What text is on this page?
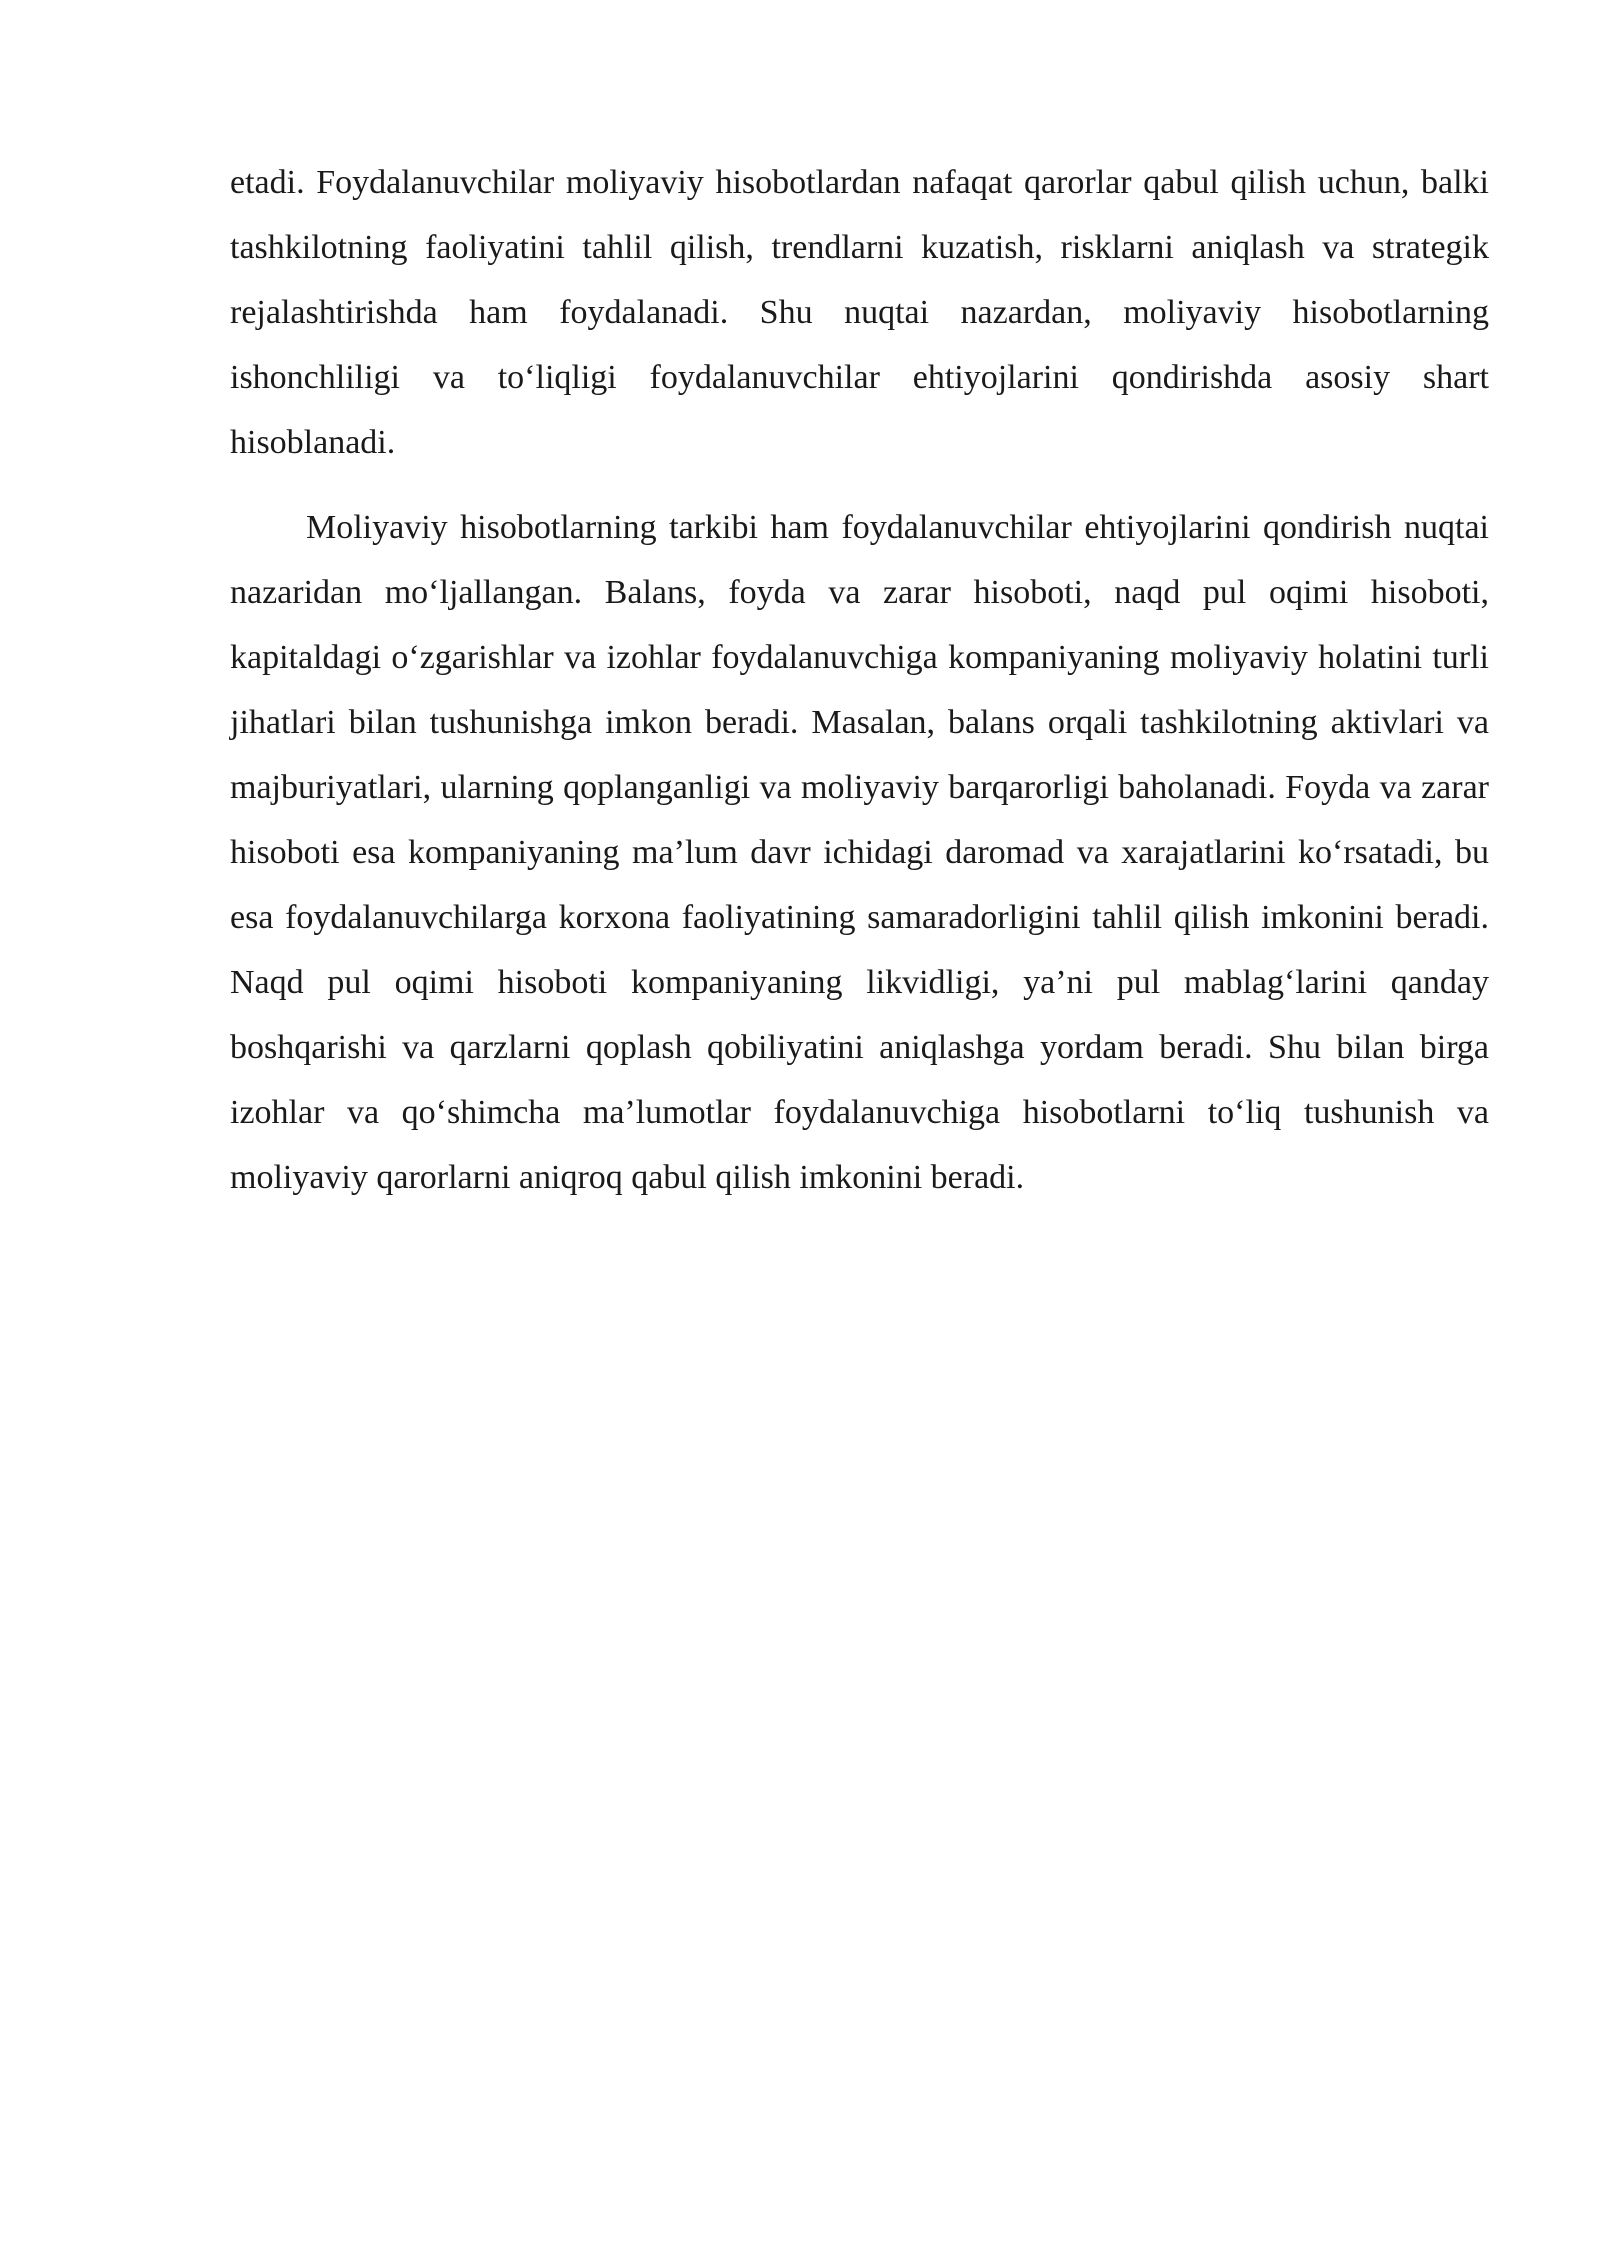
etadi. Foydalanuvchilar moliyaviy hisobotlardan nafaqat qarorlar qabul qilish uchun, balki tashkilotning faoliyatini tahlil qilish, trendlarni kuzatish, risklarni aniqlash va strategik rejalashtirishda ham foydalanadi. Shu nuqtai nazardan, moliyaviy hisobotlarning ishonchliligi va to‘liqligi foydalanuvchilar ehtiyojlarini qondirishda asosiy shart hisoblanadi.

Moliyaviy hisobotlarning tarkibi ham foydalanuvchilar ehtiyojlarini qondirish nuqtai nazaridan mo‘ljallangan. Balans, foyda va zarar hisoboti, naqd pul oqimi hisoboti, kapitaldagi o‘zgarishlar va izohlar foydalanuvchiga kompaniyaning moliyaviy holatini turli jihatlari bilan tushunishga imkon beradi. Masalan, balans orqali tashkilotning aktivlari va majburiyatlari, ularning qoplanganligi va moliyaviy barqarorligi baholanadi. Foyda va zarar hisoboti esa kompaniyaning ma’lum davr ichidagi daromad va xarajatlarini ko‘rsatadi, bu esa foydalanuvchilarga korxona faoliyatining samaradorligini tahlil qilish imkonini beradi. Naqd pul oqimi hisoboti kompaniyaning likvidligi, ya’ni pul mablag‘larini qanday boshqarishi va qarzlarni qoplash qobiliyatini aniqlashga yordam beradi. Shu bilan birga izohlar va qo‘shimcha ma’lumotlar foydalanuvchiga hisobotlarni to‘liq tushunish va moliyaviy qarorlarni aniqroq qabul qilish imkonini beradi.
